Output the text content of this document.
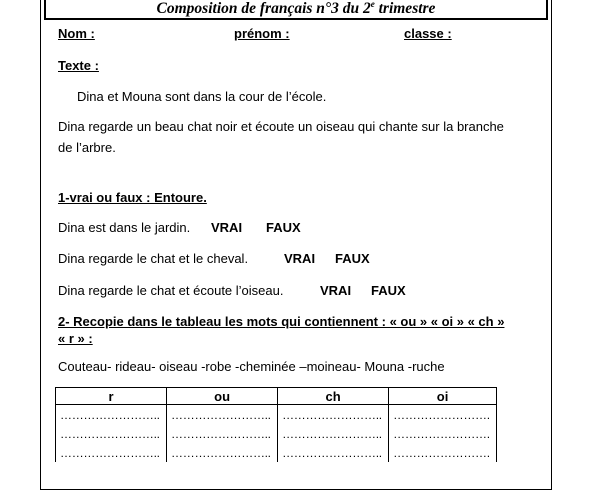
Composition de français n°3 du 2e trimestre
Nom :	prénom :	classe :
Texte :
Dina et Mouna sont dans la cour de l’école.
Dina regarde un beau chat noir et écoute un oiseau qui chante sur la branche
de l’arbre.
1-vrai ou faux : Entoure.
Dina est dans le jardin. VRAI FAUX
Dina regarde le chat et le cheval.	VRAI FAUX
Dina regarde le chat et écoute l’oiseau.	VRAI FAUX
2- Recopie dans le tableau les mots qui contiennent : « ou » « oi » « ch »
« r » :
Couteau- rideau- oiseau -robe -cheminée –moineau- Mouna -ruche
r	ou	ch	oi
……………………..	……………………..	……………………..	…………………….
……………………..	……………………..	……………………..	…………………….
……………………..	……………………..	……………………..	…………………….
